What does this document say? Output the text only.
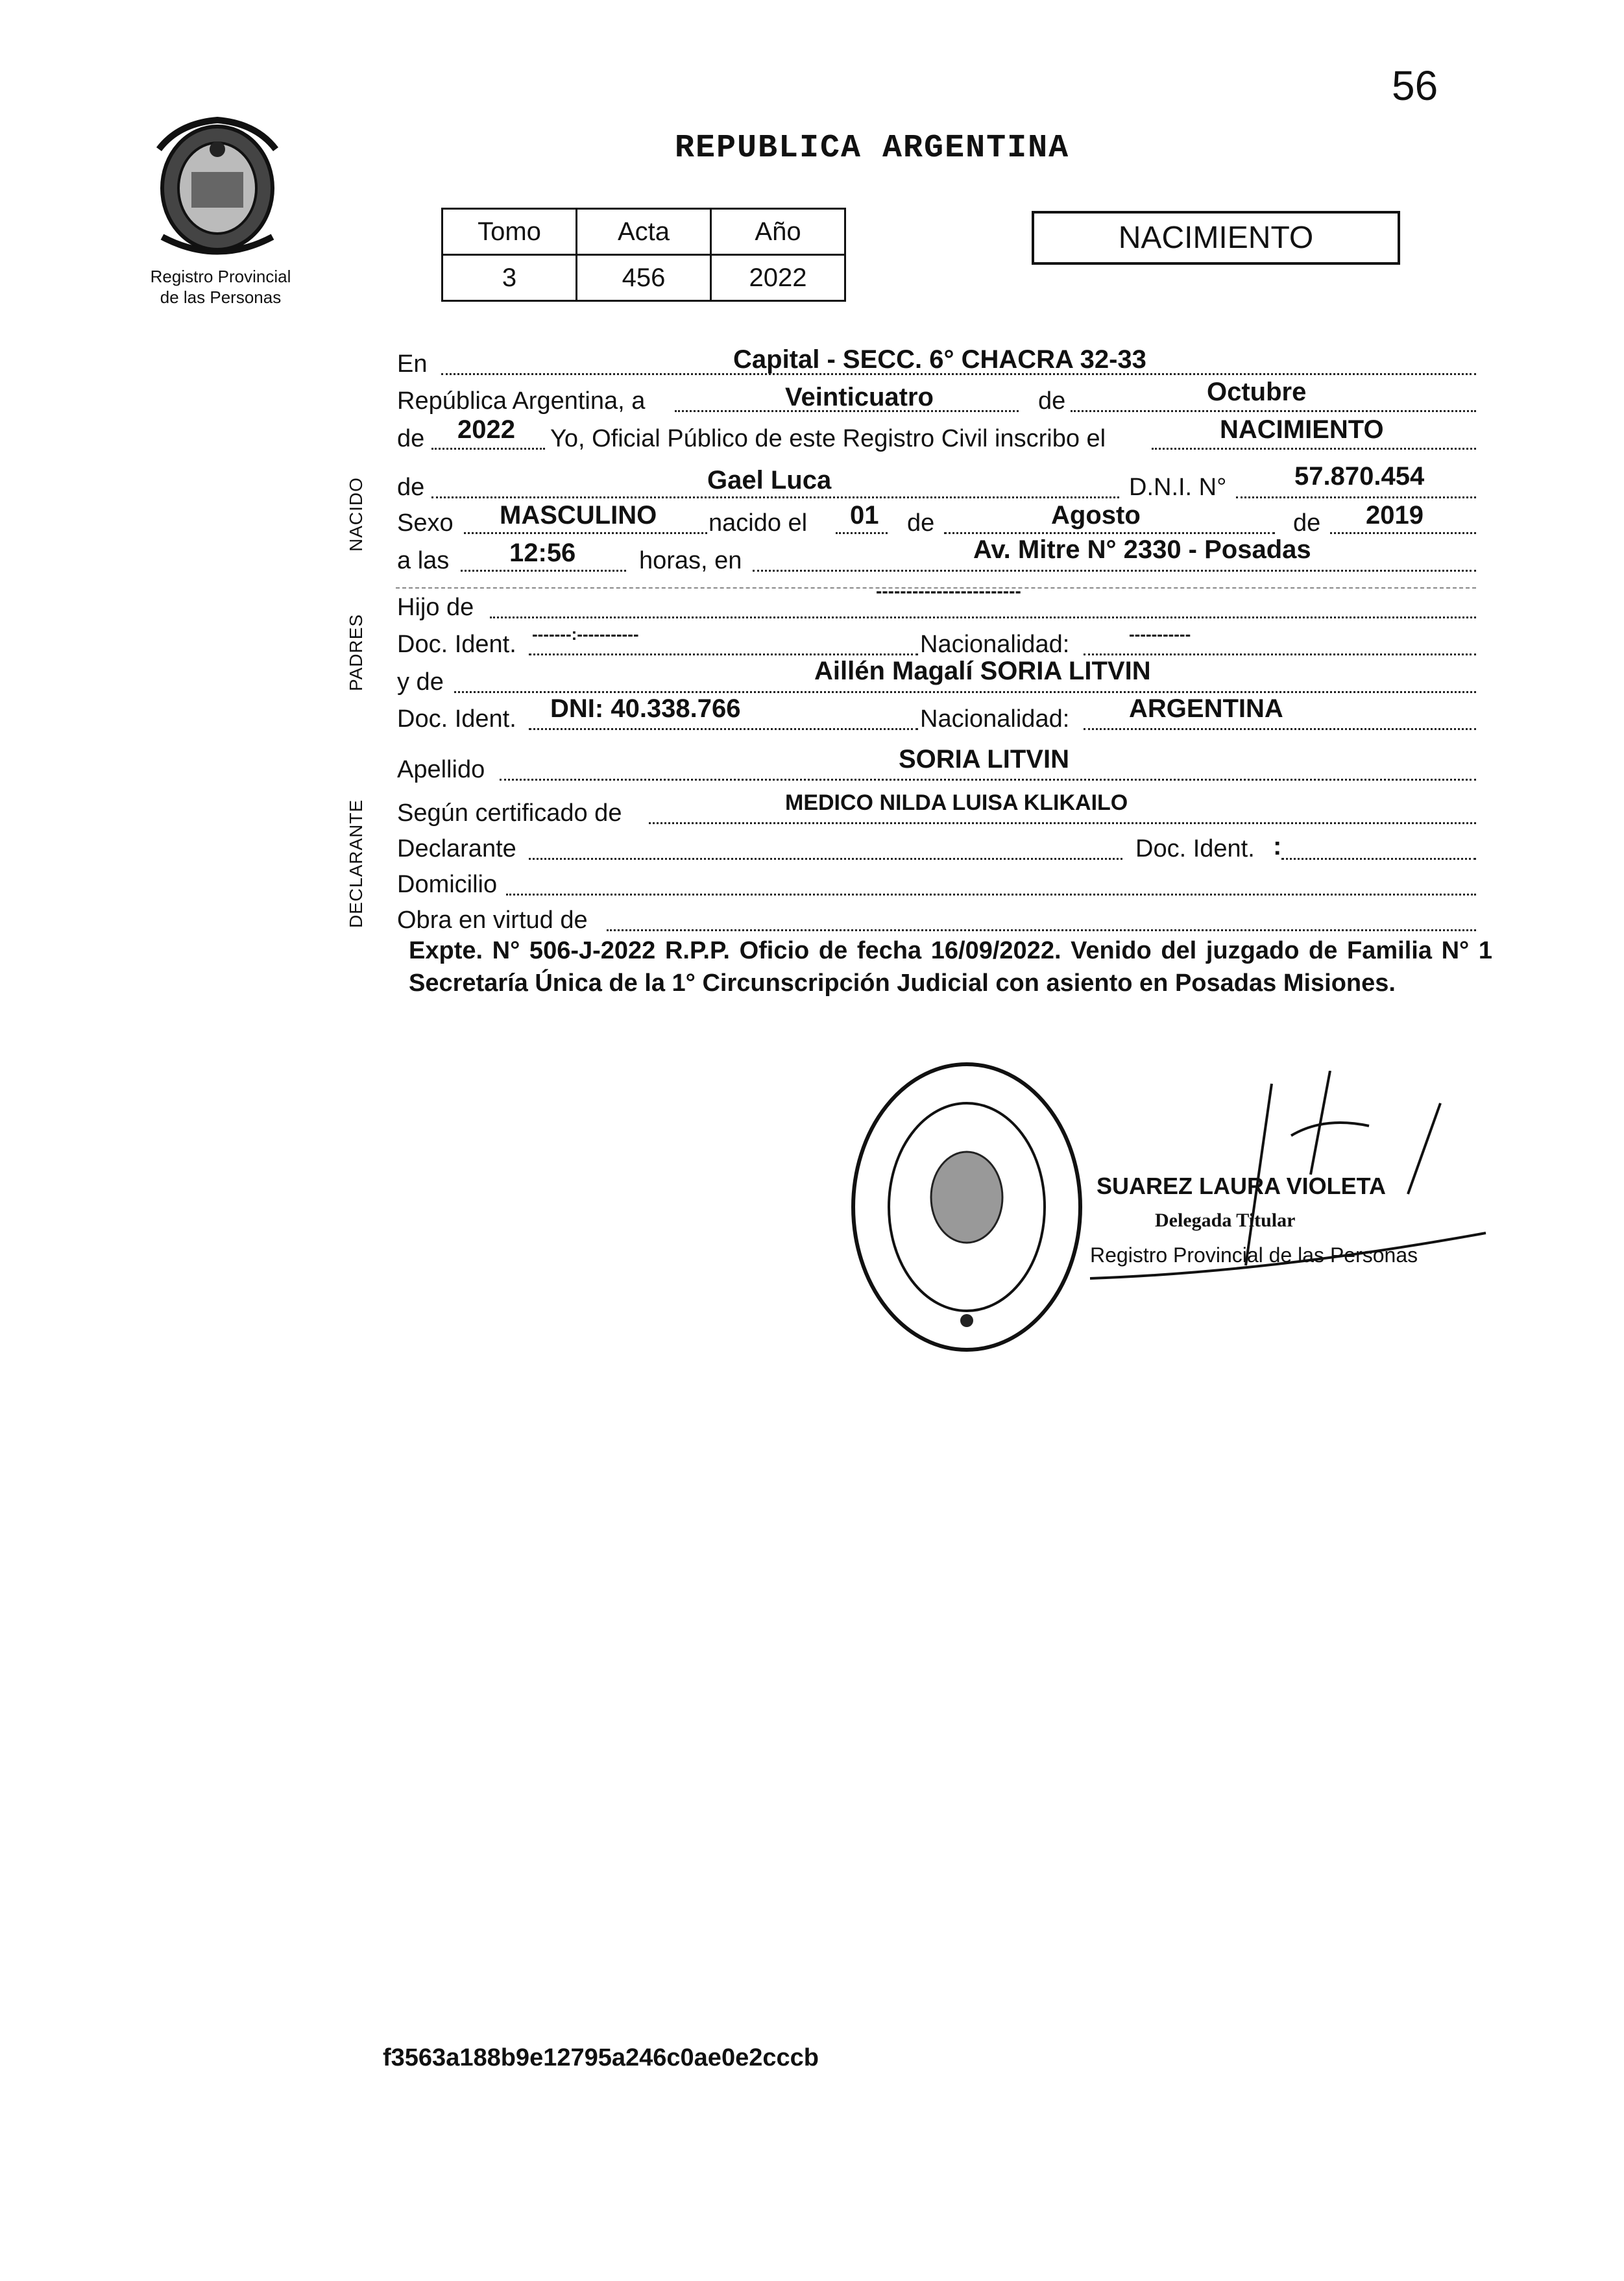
56
REPUBLICA ARGENTINA
Registro Provincial
de las Personas
Tomo	Acta	Año
3	456	2022
NACIMIENTO
NACIDO
PADRES
DECLARANTE
En	Capital - SECC. 6° CHACRA 32-33
República Argentina, a	Veinticuatro	de	Octubre
de 2022 Yo, Oficial Público de este Registro Civil inscribo el	NACIMIENTO
de	Gael Luca	D.N.I. N°	57.870.454
Sexo MASCULINO nacido el 01 de	Agosto	de 2019
a las 12:56	horas, en	Av. Mitre N° 2330 - Posadas
Hijo de
------------------------
Doc. Ident. -------:-----------	Nacionalidad:	-----------
y de	Aillén Magalí SORIA LITVIN
Doc. Ident. DNI: 40.338.766	Nacionalidad: ARGENTINA
Apellido	SORIA LITVIN
Según certificado de	MEDICO NILDA LUISA KLIKAILO
Declarante	Doc. Ident. :
Domicilio
Obra en virtud de
Expte. N° 506-J-2022 R.P.P. Oficio de fecha 16/09/2022. Venido del juzgado de Familia N° 1 Secretaría Única de la 1° Circunscripción Judicial con asiento en Posadas Misiones.
SUAREZ LAURA VIOLETA
Delegada Titular
Registro Provincial de las Personas
f3563a188b9e12795a246c0ae0e2cccb
